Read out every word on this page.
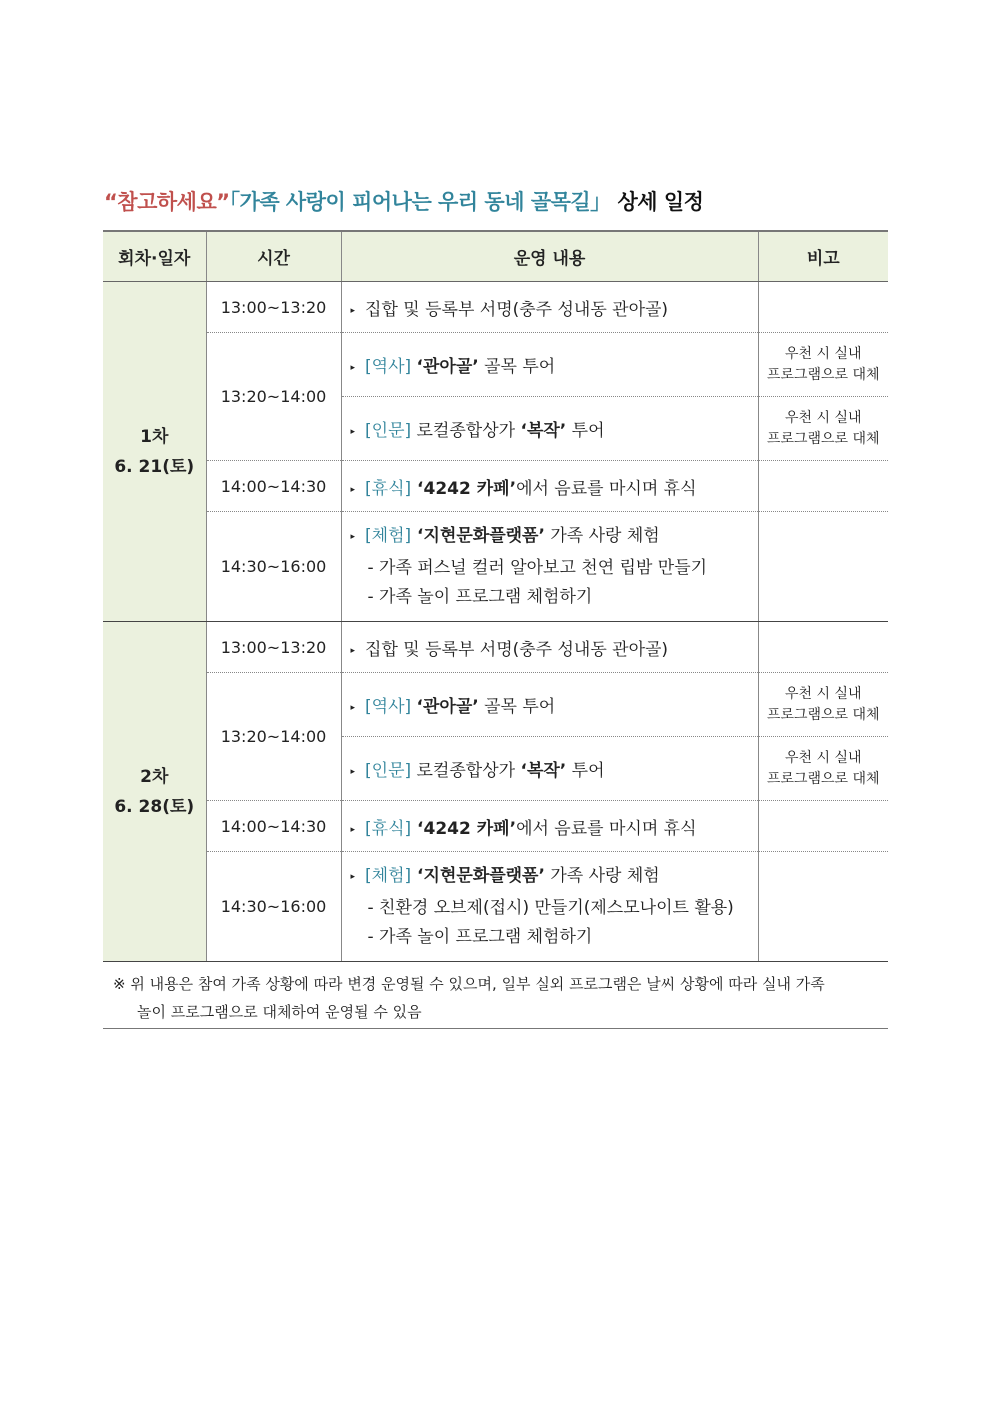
“참고하세요”「가족 사랑이 피어나는 우리 동네 골목길」 상세 일정
회차·일자	시간	운영 내용	비고

1차
6. 21(토)	13:00~13:20	▸ 집합 및 등록부 서명(충주 성내동 관아골)	
	13:20~14:00	▸ [역사] ‘관아골’ 골목 투어	우천 시 실내
프로그램으로 대체

		▸ [인문] 로컬종합상가 ‘복작’ 투어	우천 시 실내
프로그램으로 대체

	14:00~14:30	▸ [휴식] ‘4242 카페’에서 음료를 마시며 휴식	
	14:30~16:00	▸ [체험] ‘지현문화플랫폼’ 가족 사랑 체험
- 가족 퍼스널 컬러 알아보고 천연 립밤 만들기
- 가족 놀이 프로그램 체험하기	

2차
6. 28(토)	13:00~13:20	▸ 집합 및 등록부 서명(충주 성내동 관아골)	
	13:20~14:00	▸ [역사] ‘관아골’ 골목 투어	우천 시 실내
프로그램으로 대체

		▸ [인문] 로컬종합상가 ‘복작’ 투어	우천 시 실내
프로그램으로 대체

	14:00~14:30	▸ [휴식] ‘4242 카페’에서 음료를 마시며 휴식	
	14:30~16:00	▸ [체험] ‘지현문화플랫폼’ 가족 사랑 체험
- 친환경 오브제(접시) 만들기(제스모나이트 활용)
- 가족 놀이 프로그램 체험하기	

※ 위 내용은 참여 가족 상황에 따라 변경 운영될 수 있으며, 일부 실외 프로그램은 날씨 상황에 따라 실내 가족
놀이 프로그램으로 대체하여 운영될 수 있음
